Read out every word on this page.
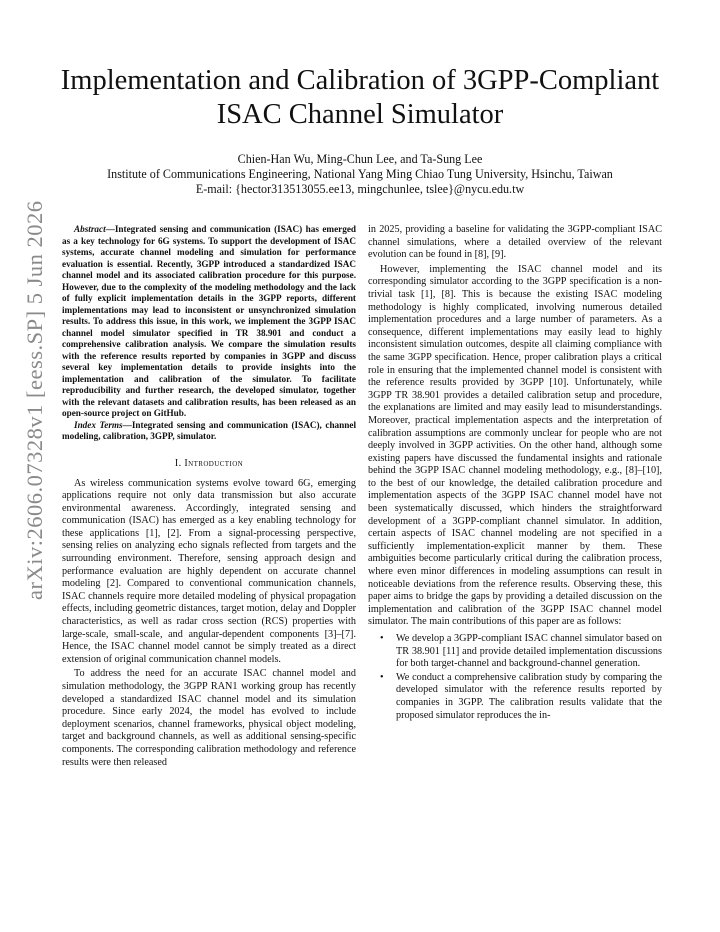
arXiv:2606.07328v1 [eess.SP] 5 Jun 2026
Implementation and Calibration of 3GPP-Compliant ISAC Channel Simulator
Chien-Han Wu, Ming-Chun Lee, and Ta-Sung Lee
Institute of Communications Engineering, National Yang Ming Chiao Tung University, Hsinchu, Taiwan
E-mail: {hector313513055.ee13, mingchunlee, tslee}@nycu.edu.tw

Abstract—Integrated sensing and communication (ISAC) has emerged as a key technology for 6G systems. To support the development of ISAC systems, accurate channel modeling and simulation for performance evaluation is essential. Recently, 3GPP introduced a standardized ISAC channel model and its associated calibration procedure for this purpose. However, due to the complexity of the modeling methodology and the lack of fully explicit implementation details in the 3GPP reports, different implementations may lead to inconsistent or unsynchronized simulation results. To address this issue, in this work, we implement the 3GPP ISAC channel model simulator specified in TR 38.901 and conduct a comprehensive calibration analysis. We compare the simulation results with the reference results reported by companies in 3GPP and discuss several key implementation details to provide insights into the implementation and calibration of the simulator. To facilitate reproducibility and further research, the developed simulator, together with the relevant datasets and calibration results, has been released as an open-source project on GitHub.

Index Terms—Integrated sensing and communication (ISAC), channel modeling, calibration, 3GPP, simulator.

I. Introduction

As wireless communication systems evolve toward 6G, emerging applications require not only data transmission but also accurate environmental awareness. Accordingly, integrated sensing and communication (ISAC) has emerged as a key enabling technology for these applications [1], [2]. From a signal-processing perspective, sensing relies on analyzing echo signals reflected from targets and the surrounding environment. Therefore, sensing approach design and performance evaluation are highly dependent on accurate channel modeling [2]. Compared to conventional communication channels, ISAC channels require more detailed modeling of physical propagation effects, including geometric distances, target motion, delay and Doppler characteristics, as well as radar cross section (RCS) properties with large-scale, small-scale, and angular-dependent components [3]–[7]. Hence, the ISAC channel model cannot be simply treated as a direct extension of original communication channel models.

To address the need for an accurate ISAC channel model and simulation methodology, the 3GPP RAN1 working group has recently developed a standardized ISAC channel model and its simulation procedure. Since early 2024, the model has evolved to include deployment scenarios, channel frameworks, physical object modeling, target and background channels, as well as additional sensing-specific components. The corresponding calibration methodology and reference results were then released

in 2025, providing a baseline for validating the 3GPP-compliant ISAC channel simulations, where a detailed overview of the relevant evolution can be found in [8], [9].

However, implementing the ISAC channel model and its corresponding simulator according to the 3GPP specification is a non-trivial task [1], [8]. This is because the existing ISAC modeling methodology is highly complicated, involving numerous detailed implementation procedures and a large number of parameters. As a consequence, different implementations may easily lead to highly inconsistent simulation outcomes, despite all claiming compliance with the same 3GPP specification. Hence, proper calibration plays a critical role in ensuring that the implemented channel model is consistent with the reference results provided by 3GPP [10]. Unfortunately, while 3GPP TR 38.901 provides a detailed calibration setup and procedure, the explanations are limited and may easily lead to misunderstandings. Moreover, practical implementation aspects and the interpretation of calibration assumptions are commonly unclear for people who are not deeply involved in 3GPP activities. On the other hand, although some existing papers have discussed the fundamental insights and rationale behind the 3GPP ISAC channel modeling methodology, e.g., [8]–[10], to the best of our knowledge, the detailed calibration procedure and implementation aspects of the 3GPP ISAC channel model have not been systematically discussed, which hinders the straightforward development of a 3GPP-compliant channel simulator. In addition, certain aspects of ISAC channel modeling are not specified in a sufficiently implementation-explicit manner by them. These ambiguities become particularly critical during the calibration process, where even minor differences in modeling assumptions can result in noticeable deviations from the reference results. Observing these, this paper aims to bridge the gaps by providing a detailed discussion on the implementation and calibration of the 3GPP ISAC channel model simulator. The main contributions of this paper are as follows:

• We develop a 3GPP-compliant ISAC channel simulator based on TR 38.901 [11] and provide detailed implementation discussions for both target-channel and background-channel generation.
• We conduct a comprehensive calibration study by comparing the developed simulator with the reference results reported by companies in 3GPP. The calibration results validate that the proposed simulator reproduces the in-
